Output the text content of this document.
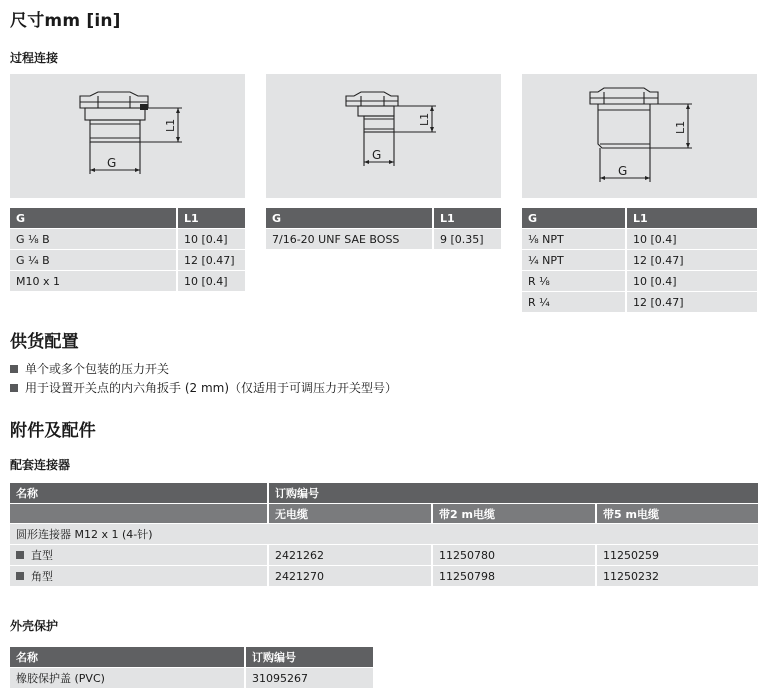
尺寸mm [in]
过程连接
G
L1
G
L1
G
L1
G	L1
G ⅛ B	10 [0.4]
G ¼ B	12 [0.47]
M10 x 1	10 [0.4]
G	L1
7/16-20 UNF SAE BOSS	9 [0.35]
G	L1
⅛ NPT	10 [0.4]
¼ NPT	12 [0.47]
R ⅛	10 [0.4]
R ¼	12 [0.47]
供货配置
单个或多个包装的压力开关
用于设置开关点的内六角扳手 (2 mm)（仅适用于可调压力开关型号）
附件及配件
配套连接器
名称	订购编号		
	无电缆	带2 m电缆	带5 m电缆
圆形连接器 M12 x 1 (4-针)			
直型	2421262	11250780	11250259
角型	2421270	11250798	11250232
外壳保护
名称	订购编号
橡胶保护盖 (PVC)	31095267
